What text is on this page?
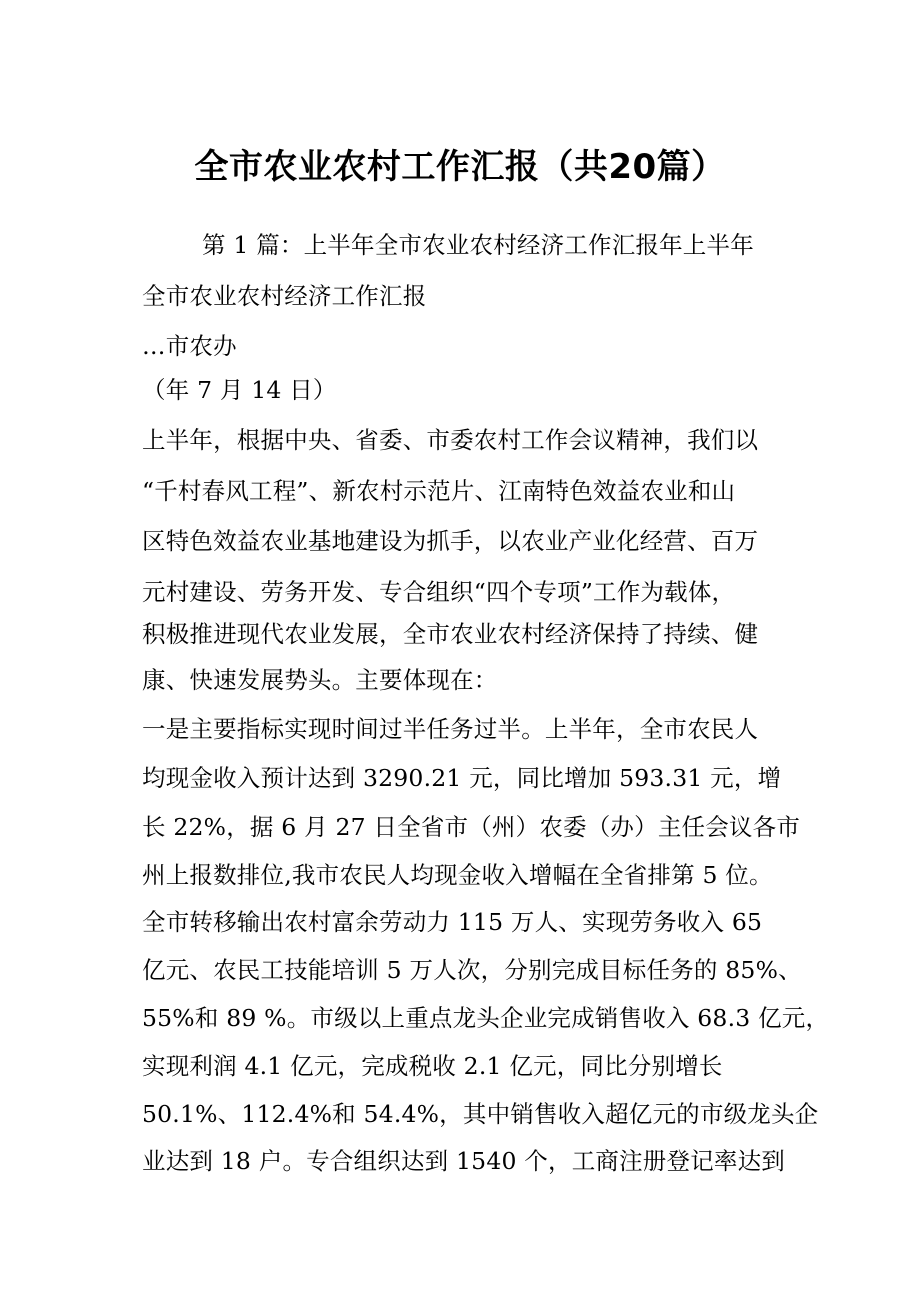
全市农业农村工作汇报（共20篇）
第 1 篇：上半年全市农业农村经济工作汇报年上半年
全市农业农村经济工作汇报
…市农办
（年 7 月 14 日）
上半年，根据中央、省委、市委农村工作会议精神，我们以
“千村春风工程”、新农村示范片、江南特色效益农业和山
区特色效益农业基地建设为抓手，以农业产业化经营、百万
元村建设、劳务开发、专合组织“四个专项”工作为载体，
积极推进现代农业发展，全市农业农村经济保持了持续、健
康、快速发展势头。主要体现在：
一是主要指标实现时间过半任务过半。上半年，全市农民人
均现金收入预计达到 3290.21 元，同比增加 593.31 元，增
长 22%，据 6 月 27 日全省市（州）农委（办）主任会议各市
州上报数排位,我市农民人均现金收入增幅在全省排第 5 位。
全市转移输出农村富余劳动力 115 万人、实现劳务收入 65
亿元、农民工技能培训 5 万人次，分别完成目标任务的 85%、
55%和 89 %。市级以上重点龙头企业完成销售收入 68.3 亿元，
实现利润 4.1 亿元，完成税收 2.1 亿元，同比分别增长
50.1%、112.4%和 54.4%，其中销售收入超亿元的市级龙头企
业达到 18 户。专合组织达到 1540 个，工商注册登记率达到
